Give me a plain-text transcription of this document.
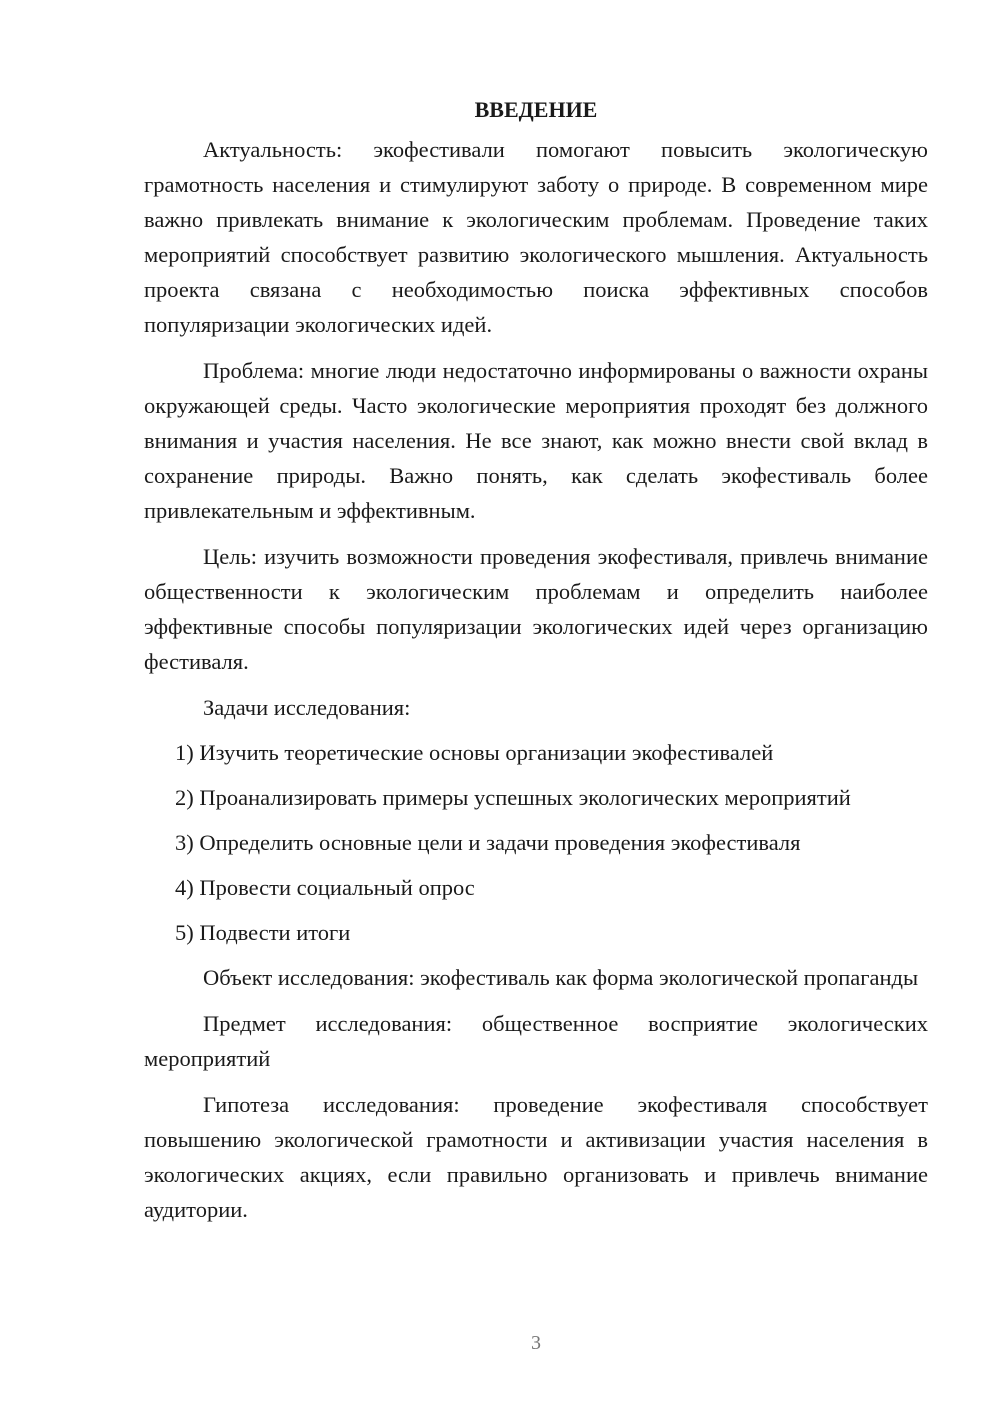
ВВЕДЕНИЕ

Актуальность: экофестивали помогают повысить экологическую грамотность населения и стимулируют заботу о природе. В современном мире важно привлекать внимание к экологическим проблемам. Проведение таких мероприятий способствует развитию экологического мышления. Актуальность проекта связана с необходимостью поиска эффективных способов популяризации экологических идей.

Проблема: многие люди недостаточно информированы о важности охраны окружающей среды. Часто экологические мероприятия проходят без должного внимания и участия населения. Не все знают, как можно внести свой вклад в сохранение природы. Важно понять, как сделать экофестиваль более привлекательным и эффективным.

Цель: изучить возможности проведения экофестиваля, привлечь внимание общественности к экологическим проблемам и определить наиболее эффективные способы популяризации экологических идей через организацию фестиваля.

Задачи исследования:

1) Изучить теоретические основы организации экофестивалей

2) Проанализировать примеры успешных экологических мероприятий

3) Определить основные цели и задачи проведения экофестиваля

4) Провести социальный опрос

5) Подвести итоги

Объект исследования: экофестиваль как форма экологической пропаганды

Предмет исследования: общественное восприятие экологических мероприятий

Гипотеза исследования: проведение экофестиваля способствует повышению экологической грамотности и активизации участия населения в экологических акциях, если правильно организовать и привлечь внимание аудитории.

3
